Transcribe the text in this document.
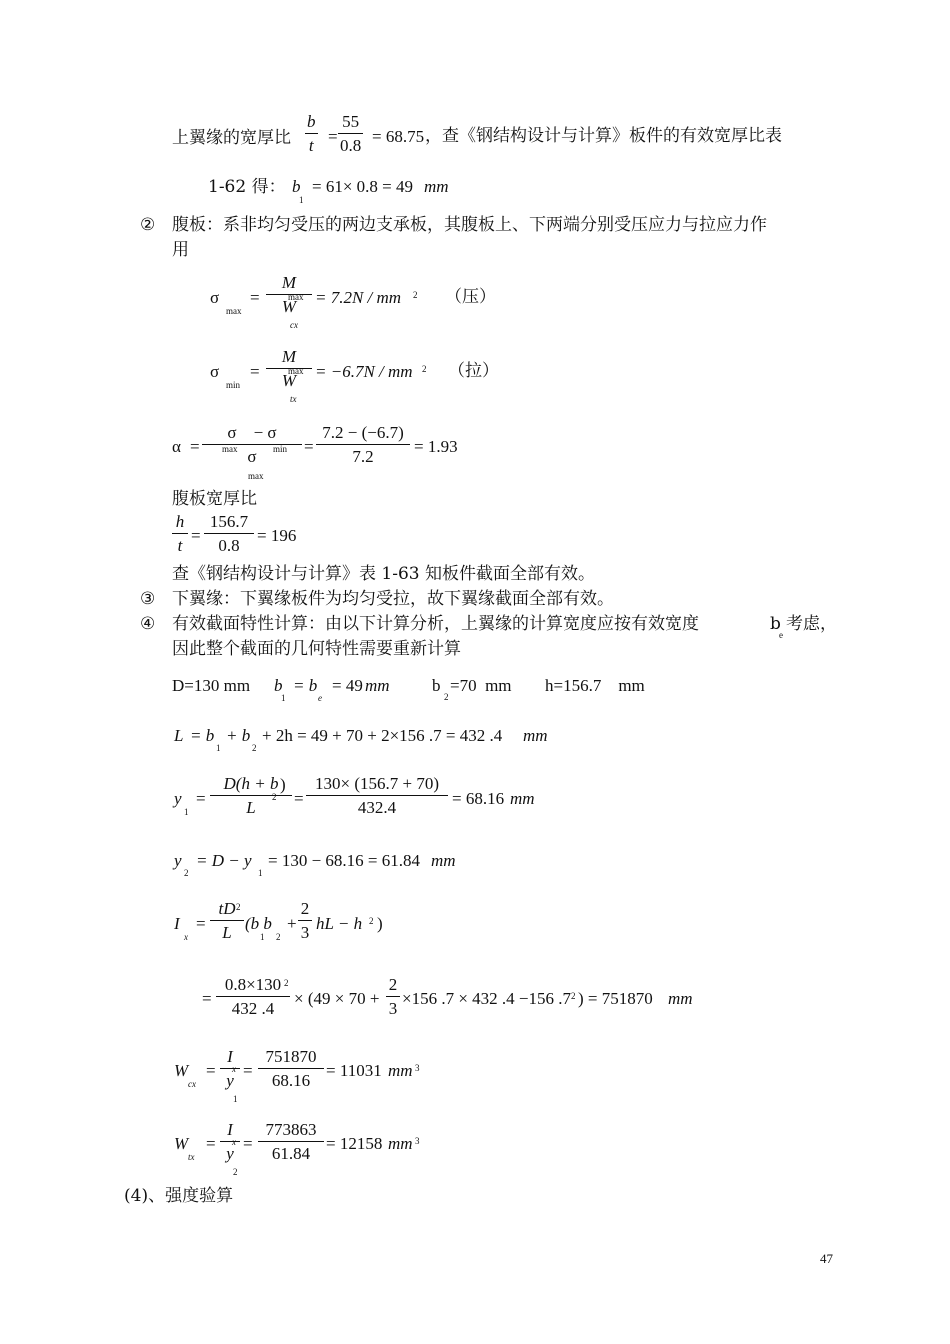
上翼缘的宽厚比
b
t =
55
0.8 = 68.75 ，查《钢结构设计与计算》板件的有效宽厚比表
1-62 得： b
1
= 61× 0.8 = 49 mm
② 腹板：系非均匀受压的两边支承板，其腹板上、下两端分别受压应力与拉应力作
用
σ
max
=
M
W
max
cx
= 7.2N / mm 2 （压）
σ
min
=
M
W
max
tx
= −6.7N / mm 2 （拉）
α =
σ    − σ
σ
max	min
max
=
7.2 − (−6.7)
7.2
= 1.93
腹板宽厚比
h
t
=
156.7
0.8
= 196
查《钢结构设计与计算》表 1-63 知板件截面全部有效。
③ 下翼缘：下翼缘板件为均匀受拉，故下翼缘截面全部有效。
④ 有效截面特性计算：由以下计算分析，上翼缘的计算宽度应按有效宽度	b
e
考虑，
因此整个截面的几何特性需要重新计算
D=130 mm b
1
= b
e
= 49 mm b
2
=70  mm h=156.7    mm
L = b
1
+ b
2
+ 2h = 49 + 70 + 2×156 .7 = 432 .4 mm
y
1
=
D(h + b
L
2
)
=
130× (156.7 + 70)
432.4	= 68.16 mm
y
2
= D − y
1
= 130 − 68.16 = 61.84 mm
I
x
=
tD
L
2
(b b
1 2
+
2
3 hL − h 2 )
=
0.8×130
432 .4
2
× (49 × 70 +
2
3
×156 .7 × 432 .4 −156 .7 2 ) = 751870 mm
W
cx
=
I
y
x
1
=
751870
68.16
= 11031 mm 3
W
tx
=
I
y
x
2
=
773863
61.84
= 12158 mm 3
(4)、强度验算
47
